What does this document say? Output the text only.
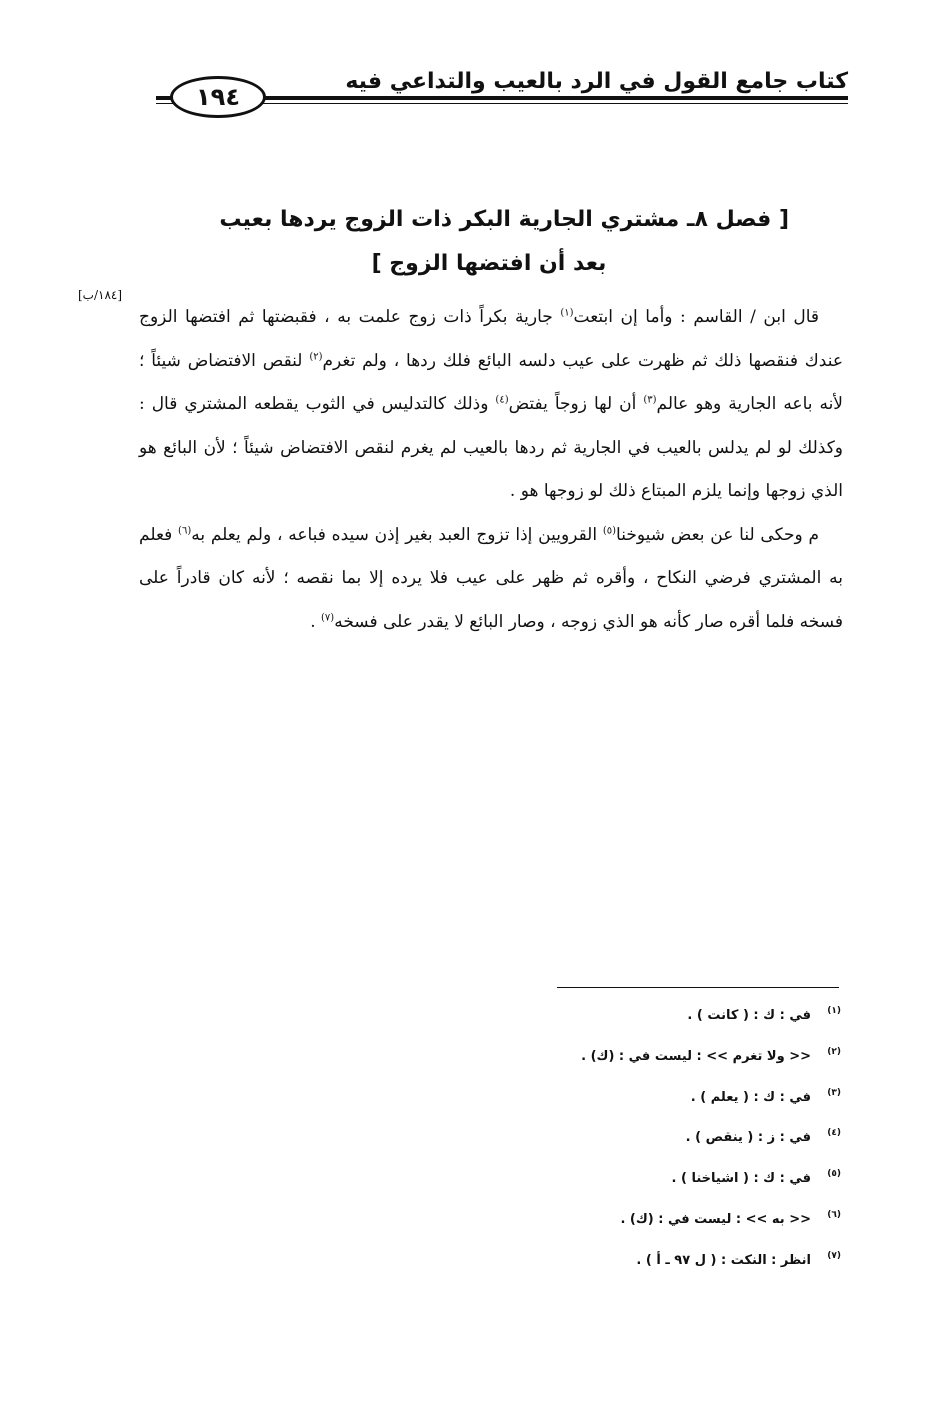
كتاب جامع القول في الرد بالعيب والتداعي فيه
١٩٤
[ فصل ٨ـ مشتري الجارية البكر ذات الزوج يردها بعيب
بعد أن افتضها الزوج ]
[١٨٤/ب]

قال ابن / القاسم : وأما إن ابتعت$^{(١)}$ جارية بكراً ذات زوج علمت به ، فقبضتها ثم افتضها الزوج عندك فنقصها ذلك ثم ظهرت على عيب دلسه البائع فلك ردها ، ولم تغرم$^{(٢)}$ لنقص الافتضاض شيئاً ؛ لأنه باعه الجارية وهو عالم$^{(٣)}$ أن لها زوجاً يفتض$^{(٤)}$ وذلك كالتدليس في الثوب يقطعه المشتري قال : وكذلك لو لم يدلس بالعيب في الجارية ثم ردها بالعيب لم يغرم لنقص الافتضاض شيئاً ؛ لأن البائع هو الذي زوجها وإنما يلزم المبتاع ذلك لو زوجها هو .

م وحكى لنا عن بعض شيوخنا$^{(٥)}$ القرويين إذا تزوج العبد بغير إذن سيده فباعه ، ولم يعلم به$^{(٦)}$ فعلم به المشتري فرضي النكاح ، وأقره ثم ظهر على عيب فلا يرده إلا بما نقصه ؛ لأنه كان قادراً على فسخه فلما أقره صار كأنه هو الذي زوجه ، وصار البائع لا يقدر على فسخه$^{(٧)}$ .

(١)في : ك : ( كانت ) .
(٢)<< ولا تغرم >> : ليست في : (ك) .
(٣)في : ك : ( يعلم ) .
(٤)في : ز : ( ينقص ) .
(٥)في : ك : ( اشياخنا ) .
(٦)<< به >> : ليست في : (ك) .
(٧)انظر : النكت : ( ل ٩٧ ـ أ ) .
